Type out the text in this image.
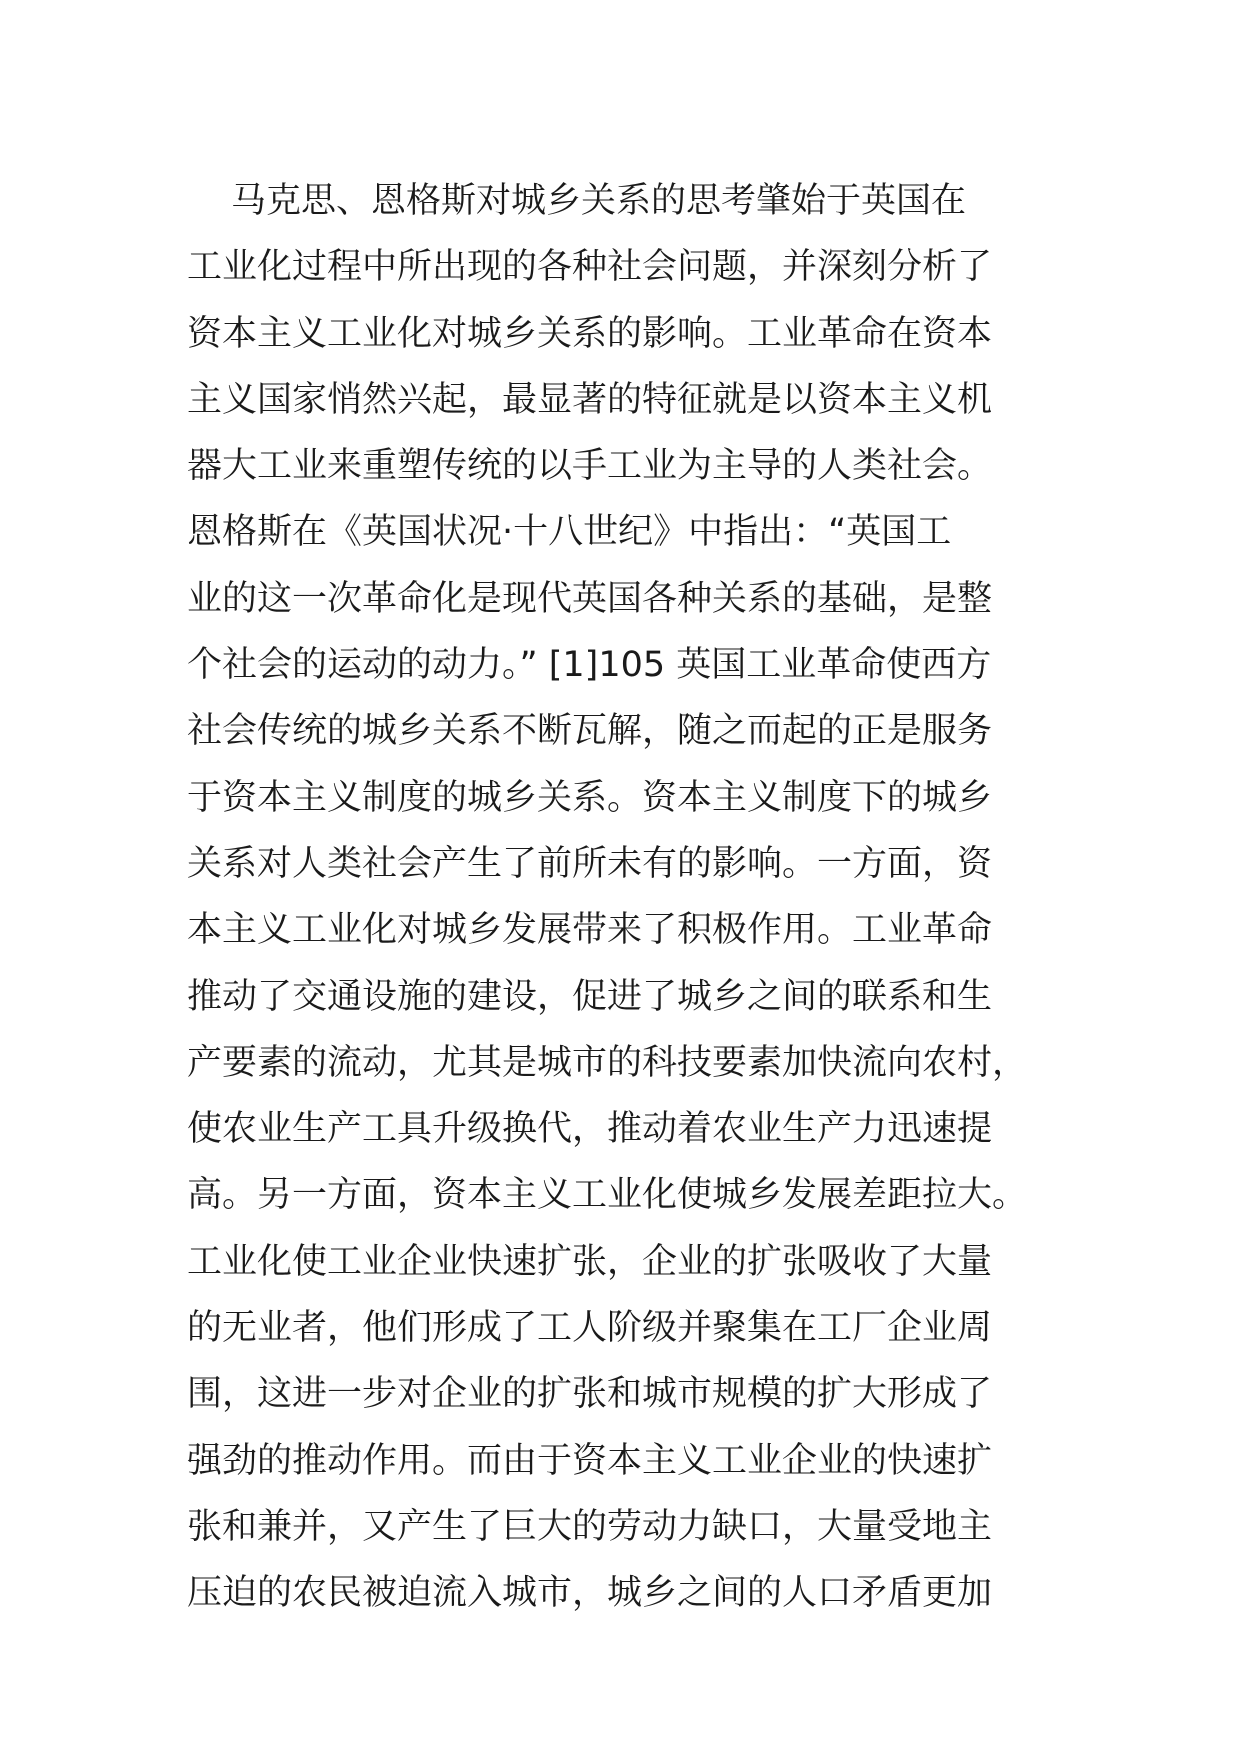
马克思、恩格斯对城乡关系的思考肇始于英国在
工业化过程中所出现的各种社会问题，并深刻分析了
资本主义工业化对城乡关系的影响。工业革命在资本
主义国家悄然兴起，最显著的特征就是以资本主义机
器大工业来重塑传统的以手工业为主导的人类社会。
恩格斯在《英国状况·十八世纪》中指出：“英国工
业的这一次革命化是现代英国各种关系的基础，是整
个社会的运动的动力。” [1]105 英国工业革命使西方
社会传统的城乡关系不断瓦解，随之而起的正是服务
于资本主义制度的城乡关系。资本主义制度下的城乡
关系对人类社会产生了前所未有的影响。一方面，资
本主义工业化对城乡发展带来了积极作用。工业革命
推动了交通设施的建设，促进了城乡之间的联系和生
产要素的流动，尤其是城市的科技要素加快流向农村，
使农业生产工具升级换代，推动着农业生产力迅速提
高。另一方面，资本主义工业化使城乡发展差距拉大。
工业化使工业企业快速扩张，企业的扩张吸收了大量
的无业者，他们形成了工人阶级并聚集在工厂企业周
围，这进一步对企业的扩张和城市规模的扩大形成了
强劲的推动作用。而由于资本主义工业企业的快速扩
张和兼并，又产生了巨大的劳动力缺口，大量受地主
压迫的农民被迫流入城市，城乡之间的人口矛盾更加
